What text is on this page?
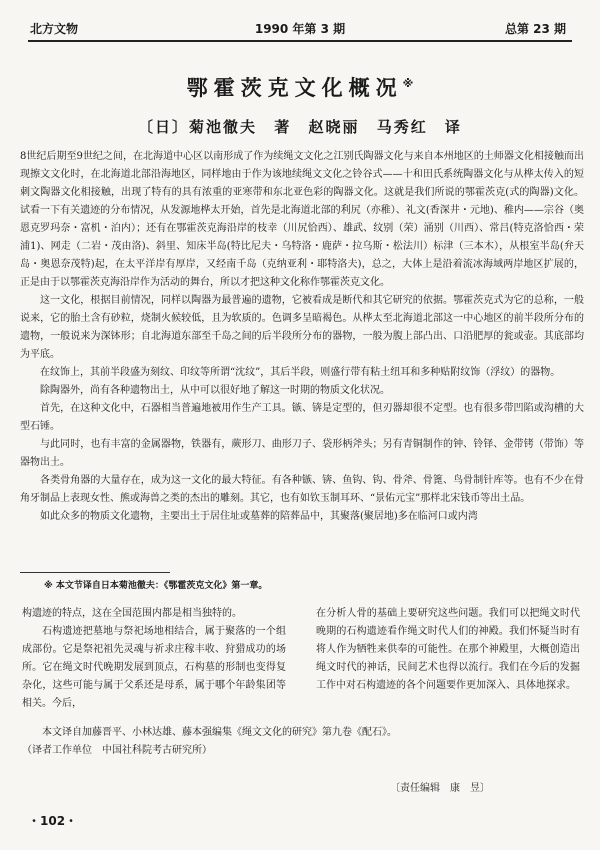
北方文物	1990 年第 3 期	总第 23 期
鄂霍茨克文化概况※
〔日〕菊池徹夫 著 赵晓丽 马秀红 译

8世纪后期至9世纪之间，在北海道中心区以南形成了作为续绳文文化之江别氏陶器文化与来自本州地区的土师器文化相接触而出现擦文文化时，在北海道北部沿海地区，同样地由于作为该地续绳文文化之铃谷式——十和田氏系统陶器文化与从桦太传入的短刺文陶器文化相接触，出现了特有的具有浓重的亚寒带和东北亚色彩的陶器文化。这就是我们所说的鄂霍茨克(式的陶器)文化。试看一下有关遗迹的分布情况，从发源地桦太开始，首先是北海道北部的利尻（亦稚）、礼文(香深井・元地)、稚内——宗谷（奥恩克罗玛奈・富机・泊内）；还有在鄂霍茨克海沿岸的枝幸（川尻恰西）、雄武、纹别（荣）涌别（川西）、常吕(特克洛恰西・荣浦1)、网走（二岩・茂由洛)、斜里、知床半岛(特比尼夫・乌特洛・鹿萨・拉乌斯・松法川）标津（三本木），从根室半岛(弁天岛・奥恩奈茂特)起，在太平洋岸有厚岸，又经南千岛（克纳亚利・耶特洛夫)，总之，大体上是沿着流冰海域两岸地区扩展的，正是由于以鄂霍茨克海沿岸作为活动的舞台，所以才把这种文化称作鄂霍茨克文化。

这一文化，根据目前情况，同样以陶器为最普遍的遗物，它被看成是断代和其它研究的依据。鄂霍茨克式为它的总称，一般说来，它的胎土含有砂粒，烧制火候较低，且为软质的。色调多呈暗褐色。从桦太至北海道北部这一中心地区的前半段所分布的遗物，一般说来为深钵形；自北海道东部至千岛之间的后半段所分布的器物，一般为腹上部凸出、口沿肥厚的瓮或壶。其底部均为平底。

在纹饰上，其前半段盛为刻纹、印纹等所谓“沈纹”，其后半段，则盛行带有粘土纽耳和多种贴附纹饰（浮纹）的器物。

除陶器外，尚有各种遗物出土，从中可以很好地了解这一时期的物质文化状况。

首先，在这种文化中，石器相当普遍地被用作生产工具。镞、锛是定型的，但刃器却很不定型。也有很多带凹陷或沟槽的大型石锤。

与此同时，也有丰富的金属器物，铁器有，蕨形刀、曲形刀子、袋形柄斧头；另有青铜制作的钟、铃铎、金带铐（带饰）等器物出土。

各类骨角器的大量存在，成为这一文化的最大特征。有各种镞、锛、鱼钩、钩、骨斧、骨篦、鸟骨制针库等。也有不少在骨角牙制品上表现女性、熊或海兽之类的杰出的雕刻。其它，也有如钦玉制耳环、“景佑元宝”那样北宋钱币等出土品。

如此众多的物质文化遗物，主要出土于居住址或墓葬的陪葬品中，其聚落(聚居地)多在临河口或内湾

※ 本文节译自日本菊池徹夫：《鄂霍茨克文化》第一章。

构遗迹的特点，这在全国范围内都是相当独特的。

石构遗迹把墓地与祭祀场地相结合，属于聚落的一个组成部份。它是祭祀祖先灵魂与祈求庄稼丰收、狩猎成功的场所。它在绳文时代晚期发展到顶点，石构墓的形制也变得复杂化，这些可能与属于父系还是母系，属于哪个年龄集团等相关。今后，

在分析人骨的基础上要研究这些问题。我们可以把绳文时代晚期的石构遗迹看作绳文时代人们的神殿。我们怀疑当时有将人作为牺牲来供奉的可能性。在那个神殿里，大概创造出绳文时代的神话，民间艺术也得以流行。我们在今后的发掘工作中对石构遗迹的各个问题要作更加深入、具体地探求。

本文译自加藤晋平、小林达雄、藤本强编集《绳文文化的研究》第九卷《配石》。

（译者工作单位　中国社科院考古研究所）

〔责任编辑　康　昱〕
・102・
